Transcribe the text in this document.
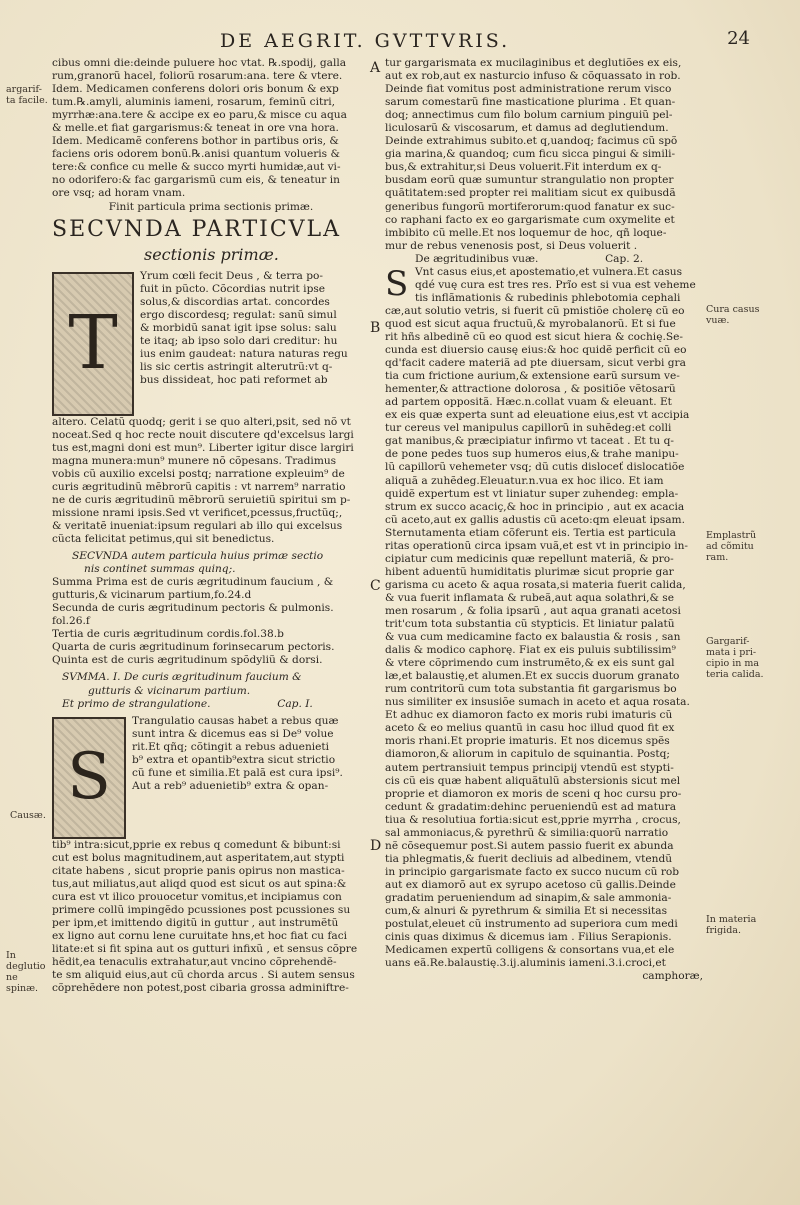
DE AEGRIT. GVTTVRIS.	24
A
B
C
D
argarif- ta facile.
Causæ.
In deglutio ne spinæ.
Cura casus vuæ.
Emplastrũ ad cõmitu ram.
Gargarif- mata i pri- cipio in ma teria calida.
In materia frigida.

cibus omni die:deinde puluere hoc vtat. ℞.spodij, galla

rum,granorũ hacel, foliorũ rosarum:ana. tere & vtere.

Idem. Medicamen conferens dolori oris bonum & exp

tum.℞.amyli, aluminis iameni, rosarum, feminũ citri,

myrrhæ:ana.tere & accipe ex eo paru,& misce cu aqua

& melle.et fiat gargarismus:& teneat in ore vna hora.

Idem. Medicamẽ conferens bothor in partibus oris, &

faciens oris odorem bonũ.℞.anisi quantum volueris &

tere:& confice cu melle & succo myrti humidæ,aut vi-

no odorifero:& fac gargarismũ cum eis, & teneatur in

ore vsq; ad horam vnam.

Finit particula prima sectionis primæ.

SECVNDA PARTICVLA
sectionis primæ.
T

Yrum cœli fecit Deus , & terra po-

fuit in pũcto. Cõcordias nutrit ipse

solus,& discordias artat. concordes

ergo discordesq; regulat: sanũ simul

& morbidũ sanat igit ipse solus: salu

te itaq; ab ipso solo dari creditur: hu

ius enim gaudeat: natura naturas regu

lis sic certis astringit alterutrũ:vt q-

bus dissideat, hoc pati reformet ab

altero. Celatũ quodq; gerit i se quo alteri,psit, sed nõ vt

noceat.Sed q hoc recte nouit discutere qd'excelsus largi

tus est,magni doni est mun⁹. Liberter igitur disce largiri

magna munera:mun⁹ munere nõ cõpesans. Tradimus

vobis cũ auxilio excelsi postq; narratione expleuim⁹ de

curis ægritudinũ mẽbrorũ capitis : vt narrem⁹ narratio

ne de curis ægritudinũ mẽbrorũ seruietiũ spiritui sm p-

missione nrami ipsis.Sed vt verificet,pcessus,fructũq;,

& veritatẽ inueniat:ipsum regulari ab illo qui excelsus

cũcta felicitat petimus,qui sit benedictus.

SECVNDA autem particula huius primæ sectio

nis continet summas quinq;.

Summa Prima est de curis ægritudinum faucium , &

gutturis,& vicinarum partium,fo.24.d

Secunda de curis ægritudinum pectoris & pulmonis.

fol.26.f

Tertia de curis ægritudinum cordis.fol.38.b

Quarta de curis ægritudinum forinsecarum pectoris.

Quinta est de curis ægritudinum spõdyliũ & dorsi.

SVMMA. I. De curis ægritudinum faucium &

gutturis & vicinarum partium.

Et primo de strangulatione.	Cap. I.

S

Trangulatio causas habet a rebus quæ

sunt intra & dicemus eas si De⁹ volue

rit.Et qñq; cõtingit a rebus aduenieti

b⁹ extra et opantib⁹extra sicut strictio

cũ fune et similia.Et palã est cura ipsi⁹.

Aut a reb⁹ aduenietib⁹ extra & opan-

tib⁹ intra:sicut,pprie ex rebus q comedunt & bibunt:si

cut est bolus magnitudinem,aut asperitatem,aut stypti

citate habens , sicut proprie panis opirus non mastica-

tus,aut miliatus,aut aliqd quod est sicut os aut spina:&

cura est vt ilico prouocetur vomitus,et incipiamus con

primere collũ impingẽdo pcussiones post pcussiones su

per ipm,et imittendo digitũ in guttur , aut instrumẽtũ

ex ligno aut cornu lene curuitate hns,et hoc fiat cu faci

litate:et si fit spina aut os gutturi infixũ , et sensus cõpre

hẽdit,ea tenaculis extrahatur,aut vncino cõprehendẽ-

te sm aliquid eius,aut cũ chorda arcus . Si autem sensus

cõprehẽdere non potest,post cibaria grossa adminiftre-

tur gargarismata ex mucilaginibus et deglutiões ex eis,

aut ex rob,aut ex nasturcio infuso & cõquassato in rob.

Deinde fiat vomitus post administratione rerum visco

sarum comestarũ fine masticatione plurima . Et quan-

doq; annectimus cum filo bolum carnium pinguiũ pel-

liculosarũ & viscosarum, et damus ad deglutiendum.

Deinde extrahimus subito.et q,uandoq; facimus cũ spõ

gia marina,& quandoq; cum ficu sicca pingui & simili-

bus,& extrahitur,si Deus voluerit.Fit interdum ex q-

busdam eorũ quæ sumuntur strangulatio non propter

quãtitatem:sed propter rei malitiam sicut ex quibusdã

generibus fungorũ mortiferorum:quod fanatur ex suc-

co raphani facto ex eo gargarismate cum oxymelite et

imbibito cũ melle.Et nos loquemur de hoc, qñ loque-

mur de rebus venenosis post, si Deus voluerit .

De ægritudinibus vuæ.	Cap. 2.

S Vnt casus eius,et apostematio,et vulnera.Et casus

qdé vuę cura est tres res. Prĩo est si vua est veheme

tis inflãmationis & rubedinis phlebotomia cephali

cæ,aut solutio vetris, si fuerit cũ pmistiõe cholerę cũ eo

quod est sicut aqua fructuũ,& myrobalanorũ. Et si fue

rit hñs albedinẽ cũ eo quod est sicut hiera & cochię.Se-

cunda est diuersio causę eius:& hoc quidẽ perficit cũ eo

qd'facit cadere materiã ad pte diuersam, sicut verbi gra

tia cum frictione aurium,& extensione earũ sursum ve-

hementer,& attractione dolorosa , & positiõe vẽtosarũ

ad partem oppositã. Hæc.n.collat vuam & eleuant. Et

ex eis quæ experta sunt ad eleuatione eius,est vt accipia

tur cereus vel manipulus capillorũ in suhẽdeg:et colli

gat manibus,& præcipiatur infirmo vt taceat . Et tu q-

de pone pedes tuos sup humeros eius,& trahe manipu-

lũ capillorũ vehemeter vsq; dũ cutis disloceť dislocatiõe

aliquã a zuhẽdeg.Eleuatur.n.vua ex hoc ilico. Et iam

quidẽ expertum est vt liniatur super zuhendeg: empla-

strum ex succo acaciç,& hoc in principio , aut ex acacia

cũ aceto,aut ex gallis adustis cũ aceto:qm eleuat ipsam.

Sternutamenta etiam cõferunt eis. Tertia est particula

ritas operationũ circa ipsam vuã,et est vt in principio in-

cipiatur cum medicinis quæ repellunt materiã, & pro-

hibent aduentũ humiditatis plurimæ sicut proprie gar

garisma cu aceto & aqua rosata,si materia fuerit calida,

& vua fuerit inflamata & rubeã,aut aqua solathri,& se

men rosarum , & folia ipsarũ , aut aqua granati acetosi

trit'cum tota substantia cũ stypticis. Et liniatur palatũ

& vua cum medicamine facto ex balaustia & rosis , san

dalis & modico caphorę. Fiat ex eis puluis subtilissim⁹

& vtere cõprimendo cum instrumẽto,& ex eis sunt gal

læ,et balaustię,et alumen.Et ex succis duorum granato

rum contritorũ cum tota substantia fit gargarismus bo

nus similiter ex insusiõe sumach in aceto et aqua rosata.

Et adhuc ex diamoron facto ex moris rubi imaturis cũ

aceto & eo melius quantũ in casu hoc illud quod fit ex

moris rhani.Et proprie imaturis. Et nos dicemus spẽs

diamoron,& aliorum in capitulo de squinantia. Postq;

autem pertransiuit tempus principij vtendũ est stypti-

cis cũ eis quæ habent aliquãtulũ abstersionis sicut mel

proprie et diamoron ex moris de sceni q hoc cursu pro-

cedunt & gradatim:dehinc perueniendũ est ad matura

tiua & resolutiua fortia:sicut est,pprie myrrha , crocus,

sal ammoniacus,& pyrethrũ & similia:quorũ narratio

nẽ cõsequemur post.Si autem passio fuerit ex abunda

tia phlegmatis,& fuerit decliuis ad albedinem, vtendũ

in principio gargarismate facto ex succo nucum cũ rob

aut ex diamorõ aut ex syrupo acetoso cũ gallis.Deinde

gradatim perueniendum ad sinapim,& sale ammonia-

cum,& alnuri & pyrethrum & similia Et si necessitas

postulat,eleuet cũ instrumento ad superiora cum medi

cinis quas diximus & dicemus iam . Filius Serapionis.

Medicamen expertũ colligens & consortans vua,et ele

uans eã.Re.balaustię.3.ij.aluminis iameni.3.i.croci,et

camphoræ,
